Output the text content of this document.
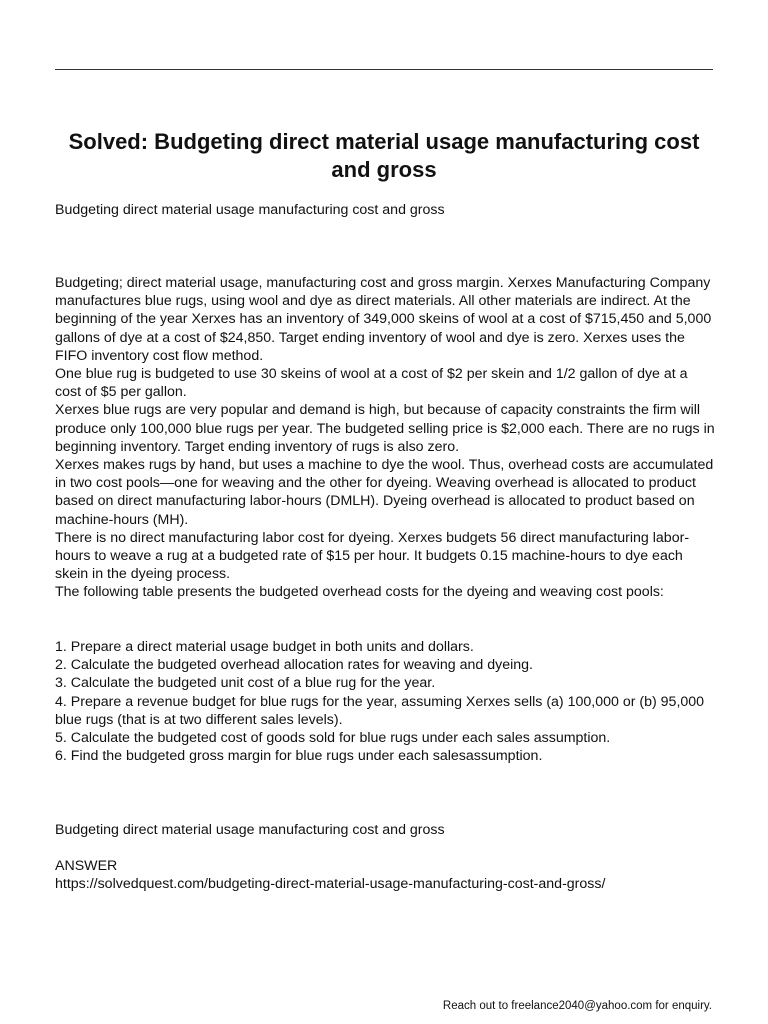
Solved: Budgeting direct material usage manufacturing cost and gross

Budgeting direct material usage manufacturing cost and gross

Budgeting; direct material usage, manufacturing cost and gross margin. Xerxes Manufacturing Company manufactures blue rugs, using wool and dye as direct materials. All other materials are indirect. At the beginning of the year Xerxes has an inventory of 349,000 skeins of wool at a cost of $715,450 and 5,000 gallons of dye at a cost of $24,850. Target ending inventory of wool and dye is zero. Xerxes uses the FIFO inventory cost flow method.
One blue rug is budgeted to use 30 skeins of wool at a cost of $2 per skein and 1/2 gallon of dye at a cost of $5 per gallon.
Xerxes blue rugs are very popular and demand is high, but because of capacity constraints the firm will produce only 100,000 blue rugs per year. The budgeted selling price is $2,000 each. There are no rugs in beginning inventory. Target ending inventory of rugs is also zero.
Xerxes makes rugs by hand, but uses a machine to dye the wool. Thus, overhead costs are accumulated in two cost pools—one for weaving and the other for dyeing. Weaving overhead is allocated to product based on direct manufacturing labor-hours (DMLH). Dyeing overhead is allocated to product based on machine-hours (MH).
There is no direct manufacturing labor cost for dyeing. Xerxes budgets 56 direct manufacturing labor-hours to weave a rug at a budgeted rate of $15 per hour. It budgets 0.15 machine-hours to dye each skein in the dyeing process.
The following table presents the budgeted overhead costs for the dyeing and weaving cost pools:
1. Prepare a direct material usage budget in both units and dollars.
2. Calculate the budgeted overhead allocation rates for weaving and dyeing.
3. Calculate the budgeted unit cost of a blue rug for the year.
4. Prepare a revenue budget for blue rugs for the year, assuming Xerxes sells (a) 100,000 or (b) 95,000 blue rugs (that is at two different sales levels).
5. Calculate the budgeted cost of goods sold for blue rugs under each sales assumption.
6. Find the budgeted gross margin for blue rugs under each salesassumption.

Budgeting direct material usage manufacturing cost and gross

ANSWER

https://solvedquest.com/budgeting-direct-material-usage-manufacturing-cost-and-gross/

Reach out to freelance2040@yahoo.com for enquiry.
